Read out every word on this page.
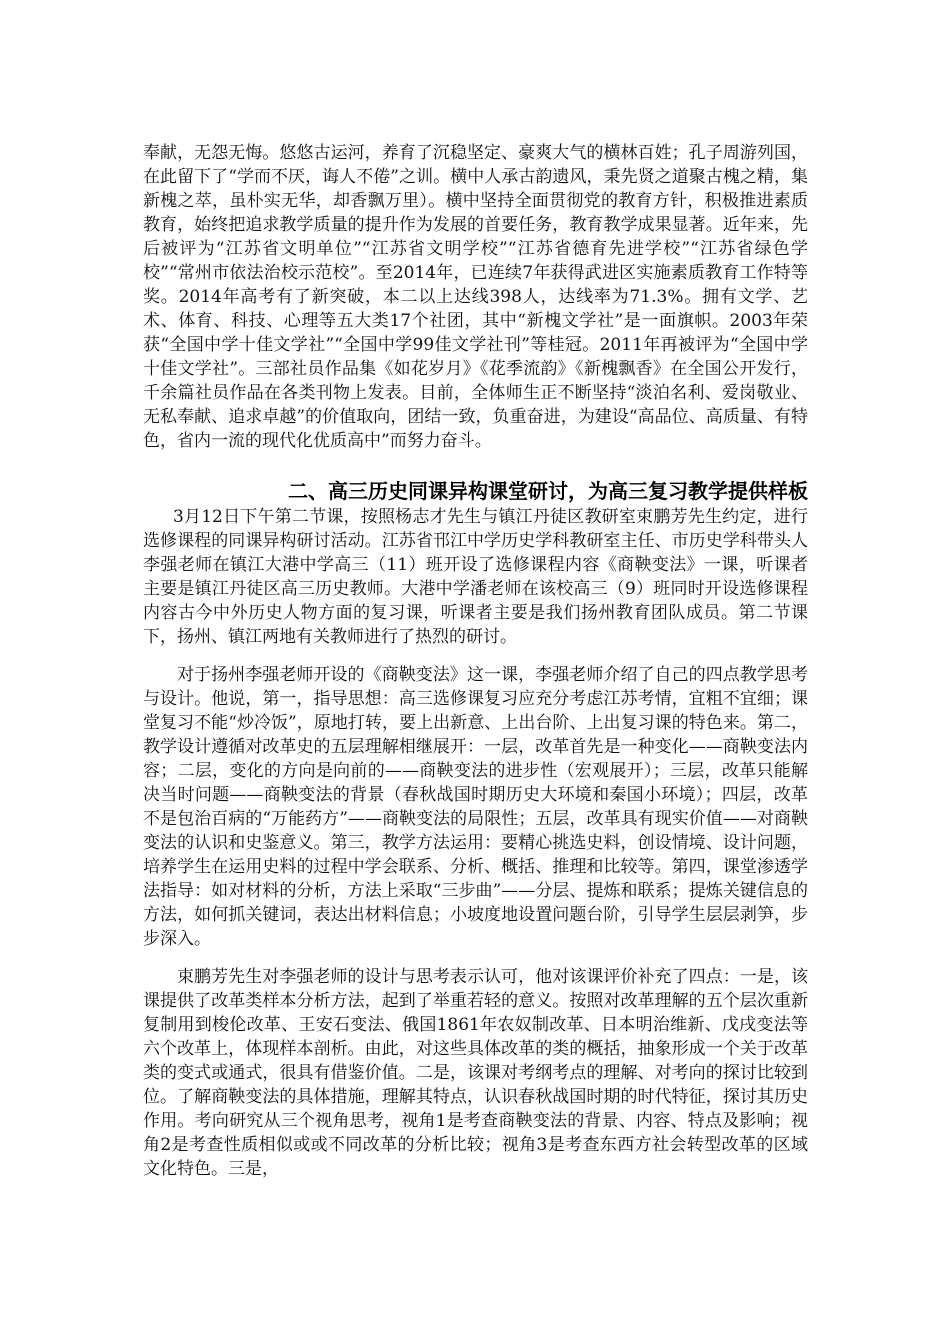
奉献，无怨无悔。悠悠古运河，养育了沉稳坚定、豪爽大气的横林百姓；孔子周游列国，在此留下了“学而不厌，诲人不倦”之训。横中人承古韵遗风，秉先贤之道聚古槐之精，集新槐之萃，虽朴实无华，却香飘万里）。横中坚持全面贯彻党的教育方针，积极推进素质教育，始终把追求教学质量的提升作为发展的首要任务，教育教学成果显著。近年来，先后被评为“江苏省文明单位”“江苏省文明学校”“江苏省德育先进学校”“江苏省绿色学校”“常州市依法治校示范校”。至2014年，已连续7年获得武进区实施素质教育工作特等奖。2014年高考有了新突破，本二以上达线398人，达线率为71.3%。拥有文学、艺术、体育、科技、心理等五大类17个社团，其中“新槐文学社”是一面旗帜。2003年荣获“全国中学十佳文学社”“全国中学99佳文学社刊”等桂冠。2011年再被评为“全国中学十佳文学社”。三部社员作品集《如花岁月》《花季流韵》《新槐飘香》在全国公开发行，千余篇社员作品在各类刊物上发表。目前，全体师生正不断坚持“淡泊名利、爱岗敬业、无私奉献、追求卓越”的价值取向，团结一致，负重奋进，为建设“高品位、高质量、有特色，省内一流的现代化优质高中”而努力奋斗。

二、高三历史同课异构课堂研讨，为高三复习教学提供样板

3月12日下午第二节课，按照杨志才先生与镇江丹徒区教研室束鹏芳先生约定，进行选修课程的同课异构研讨活动。江苏省邗江中学历史学科教研室主任、市历史学科带头人李强老师在镇江大港中学高三（11）班开设了选修课程内容《商鞅变法》一课，听课者主要是镇江丹徒区高三历史教师。大港中学潘老师在该校高三（9）班同时开设选修课程内容古今中外历史人物方面的复习课，听课者主要是我们扬州教育团队成员。第二节课下，扬州、镇江两地有关教师进行了热烈的研讨。

对于扬州李强老师开设的《商鞅变法》这一课，李强老师介绍了自己的四点教学思考与设计。他说，第一，指导思想：高三选修课复习应充分考虑江苏考情，宜粗不宜细；课堂复习不能“炒冷饭”，原地打转，要上出新意、上出台阶、上出复习课的特色来。第二，教学设计遵循对改革史的五层理解相继展开：一层，改革首先是一种变化——商鞅变法内容；二层，变化的方向是向前的——商鞅变法的进步性（宏观展开）；三层，改革只能解决当时问题——商鞅变法的背景（春秋战国时期历史大环境和秦国小环境）；四层，改革不是包治百病的“万能药方”——商鞅变法的局限性；五层，改革具有现实价值——对商鞅变法的认识和史鉴意义。第三，教学方法运用：要精心挑选史料，创设情境、设计问题，培养学生在运用史料的过程中学会联系、分析、概括、推理和比较等。第四，课堂渗透学法指导：如对材料的分析，方法上采取“三步曲”——分层、提炼和联系；提炼关键信息的方法，如何抓关键词，表达出材料信息；小坡度地设置问题台阶，引导学生层层剥笋，步步深入。

束鹏芳先生对李强老师的设计与思考表示认可，他对该课评价补充了四点：一是，该课提供了改革类样本分析方法，起到了举重若轻的意义。按照对改革理解的五个层次重新复制用到梭伦改革、王安石变法、俄国1861年农奴制改革、日本明治维新、戊戌变法等六个改革上，体现样本剖析。由此，对这些具体改革的类的概括，抽象形成一个关于改革类的变式或通式，很具有借鉴价值。二是，该课对考纲考点的理解、对考向的探讨比较到位。了解商鞅变法的具体措施，理解其特点，认识春秋战国时期的时代特征，探讨其历史作用。考向研究从三个视角思考，视角1是考查商鞅变法的背景、内容、特点及影响；视角2是考查性质相似或或不同改革的分析比较；视角3是考查东西方社会转型改革的区域文化特色。三是，
